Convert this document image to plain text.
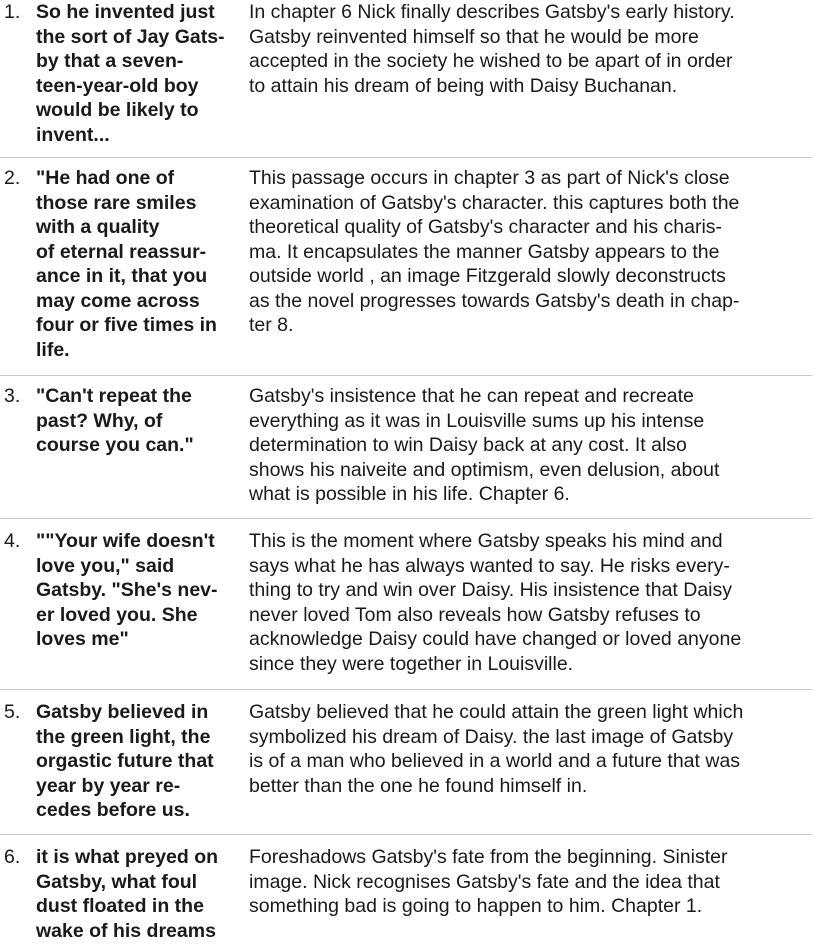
1. So he invented just
the sort of Jay Gats-
by that a seven-
teen-year-old boy
would be likely to
invent...
In chapter 6 Nick finally describes Gatsby's early history.
Gatsby reinvented himself so that he would be more
accepted in the society he wished to be apart of in order
to attain his dream of being with Daisy Buchanan.
2. "He had one of
those rare smiles
with a quality
of eternal reassur-
ance in it, that you
may come across
four or five times in
life.
This passage occurs in chapter 3 as part of Nick's close
examination of Gatsby's character. this captures both the
theoretical quality of Gatsby's character and his charis-
ma. It encapsulates the manner Gatsby appears to the
outside world , an image Fitzgerald slowly deconstructs
as the novel progresses towards Gatsby's death in chap-
ter 8.
3. "Can't repeat the
past? Why, of
course you can."
Gatsby's insistence that he can repeat and recreate
everything as it was in Louisville sums up his intense
determination to win Daisy back at any cost. It also
shows his naiveite and optimism, even delusion, about
what is possible in his life. Chapter 6.
4. ""Your wife doesn't
love you," said
Gatsby. "She's nev-
er loved you. She
loves me"
This is the moment where Gatsby speaks his mind and
says what he has always wanted to say. He risks every-
thing to try and win over Daisy. His insistence that Daisy
never loved Tom also reveals how Gatsby refuses to
acknowledge Daisy could have changed or loved anyone
since they were together in Louisville.
5. Gatsby believed in
the green light, the
orgastic future that
year by year re-
cedes before us.
Gatsby believed that he could attain the green light which
symbolized his dream of Daisy. the last image of Gatsby
is of a man who believed in a world and a future that was
better than the one he found himself in.
6. it is what preyed on
Gatsby, what foul
dust floated in the
wake of his dreams
Foreshadows Gatsby's fate from the beginning. Sinister
image. Nick recognises Gatsby's fate and the idea that
something bad is going to happen to him. Chapter 1.
